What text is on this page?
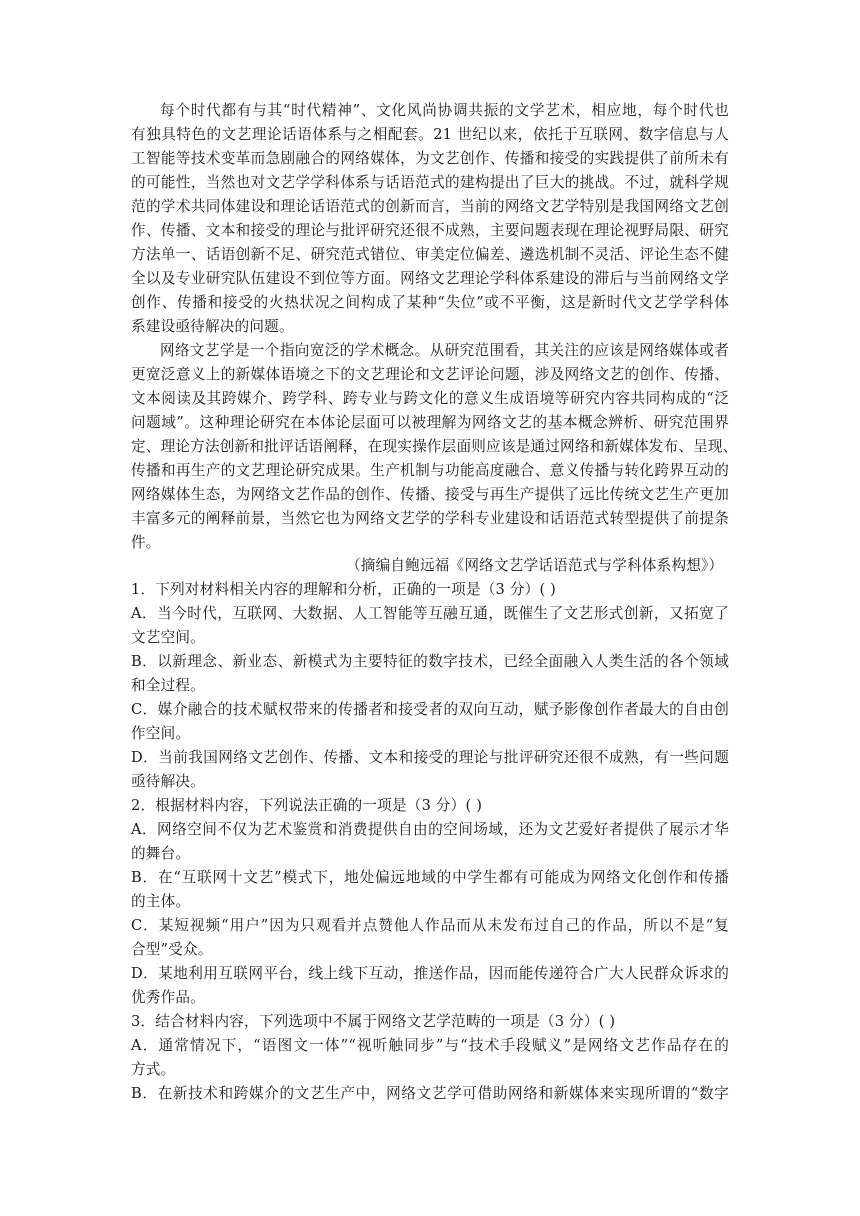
每个时代都有与其“时代精神”、文化风尚协调共振的文学艺术，相应地，每个时代也
有独具特色的文艺理论话语体系与之相配套。21 世纪以来，依托于互联网、数字信息与人
工智能等技术变革而急剧融合的网络媒体，为文艺创作、传播和接受的实践提供了前所未有
的可能性，当然也对文艺学学科体系与话语范式的建构提出了巨大的挑战。不过，就科学规
范的学术共同体建设和理论话语范式的创新而言，当前的网络文艺学特别是我国网络文艺创
作、传播、文本和接受的理论与批评研究还很不成熟，主要问题表现在理论视野局限、研究
方法单一、话语创新不足、研究范式错位、审美定位偏差、遴选机制不灵活、评论生态不健
全以及专业研究队伍建设不到位等方面。网络文艺理论学科体系建设的滞后与当前网络文学
创作、传播和接受的火热状况之间构成了某种“失位”或不平衡，这是新时代文艺学学科体
系建设亟待解决的问题。
网络文艺学是一个指向宽泛的学术概念。从研究范围看，其关注的应该是网络媒体或者
更宽泛意义上的新媒体语境之下的文艺理论和文艺评论问题，涉及网络文艺的创作、传播、
文本阅读及其跨媒介、跨学科、跨专业与跨文化的意义生成语境等研究内容共同构成的“泛
问题域”。这种理论研究在本体论层面可以被理解为网络文艺的基本概念辨析、研究范围界
定、理论方法创新和批评话语阐释，在现实操作层面则应该是通过网络和新媒体发布、呈现、
传播和再生产的文艺理论研究成果。生产机制与功能高度融合、意义传播与转化跨界互动的
网络媒体生态，为网络文艺作品的创作、传播、接受与再生产提供了远比传统文艺生产更加
丰富多元的阐释前景，当然它也为网络文艺学的学科专业建设和话语范式转型提供了前提条
件。
（摘编自鲍远福《网络文艺学话语范式与学科体系构想》）
1．下列对材料相关内容的理解和分析，正确的一项是（3 分）( )
A．当今时代，互联网、大数据、人工智能等互融互通，既催生了文艺形式创新，又拓宽了
文艺空间。
B．以新理念、新业态、新模式为主要特征的数字技术，已经全面融入人类生活的各个领域
和全过程。
C．媒介融合的技术赋权带来的传播者和接受者的双向互动，赋予影像创作者最大的自由创
作空间。
D．当前我国网络文艺创作、传播、文本和接受的理论与批评研究还很不成熟，有一些问题
亟待解决。
2．根据材料内容，下列说法正确的一项是（3 分）( )
A．网络空间不仅为艺术鉴赏和消费提供自由的空间场域，还为文艺爱好者提供了展示才华
的舞台。
B．在“互联网十文艺”模式下，地处偏远地域的中学生都有可能成为网络文化创作和传播
的主体。
C．某短视频“用户”因为只观看并点赞他人作品而从未发布过自己的作品，所以不是“复
合型”受众。
D．某地利用互联网平台，线上线下互动，推送作品，因而能传递符合广大人民群众诉求的
优秀作品。
3．结合材料内容，下列选项中不属于网络文艺学范畴的一项是（3 分）( )
A．通常情况下，“语图文一体”“视听触同步”与“技术手段赋义”是网络文艺作品存在的
方式。
B．在新技术和跨媒介的文艺生产中，网络文艺学可借助网络和新媒体来实现所谓的“数字
